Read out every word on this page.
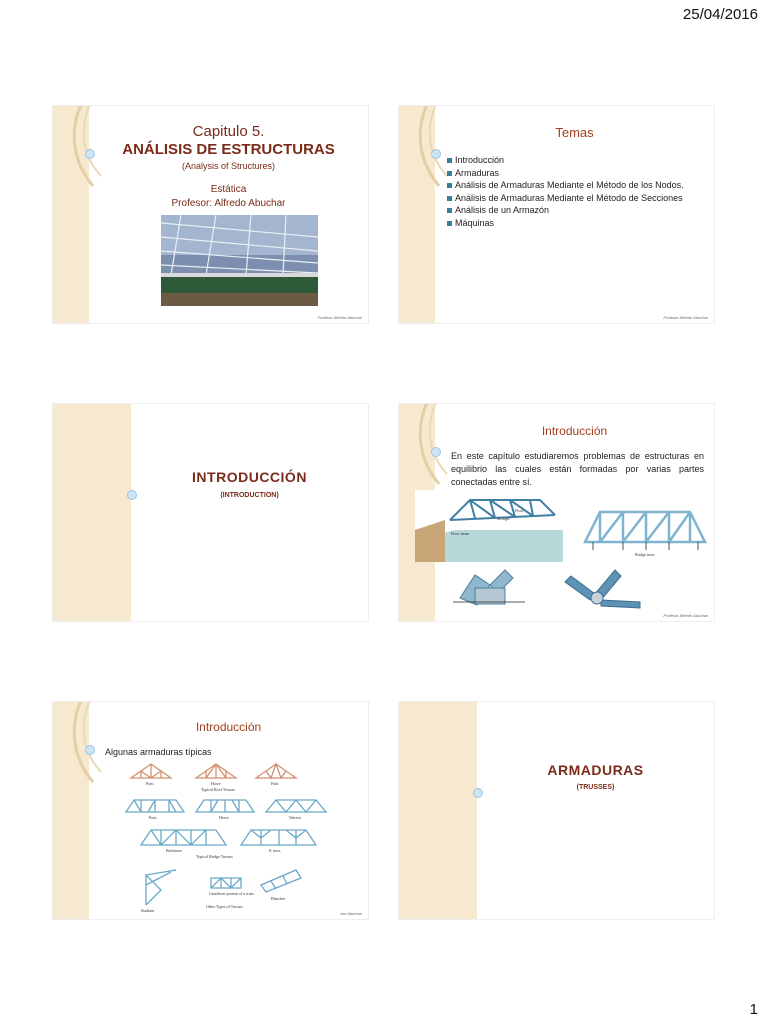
25/04/2016
Capitulo 5.
ANÁLISIS DE ESTRUCTURAS
(Analysis of Structures)
Estática
Profesor: Alfredo Abuchar
Profesor Alfredo Abuchar
Temas
Introducción
Armaduras
Análisis de Armaduras Mediante el Método de los Nodos.
Análisis de Armaduras Mediante el Método de Secciones
Análisis de un Armazón
Máquinas
Profesor Alfredo Abuchar
INTRODUCCIÓN
(INTRODUCTION)
Introducción
En este capítulo estudiaremos problemas de estructuras en equilibrio las cuales están formadas por varias partes conectadas entre sí.
Floor
Stringer
Floor beam
Bridge truss
Profesor Alfredo Abuchar
Introducción
Algunas armaduras típicas
Pratt	Howe	Fink
Typical Roof Trusses
Pratt	Howe	Warren
Baltimore	K truss
Typical Bridge Trusses
Stadium
Cantilever portion of a truss
Bleacher
Other Types of Trusses
dor Abuchar
ARMADURAS
(TRUSSES)
1
